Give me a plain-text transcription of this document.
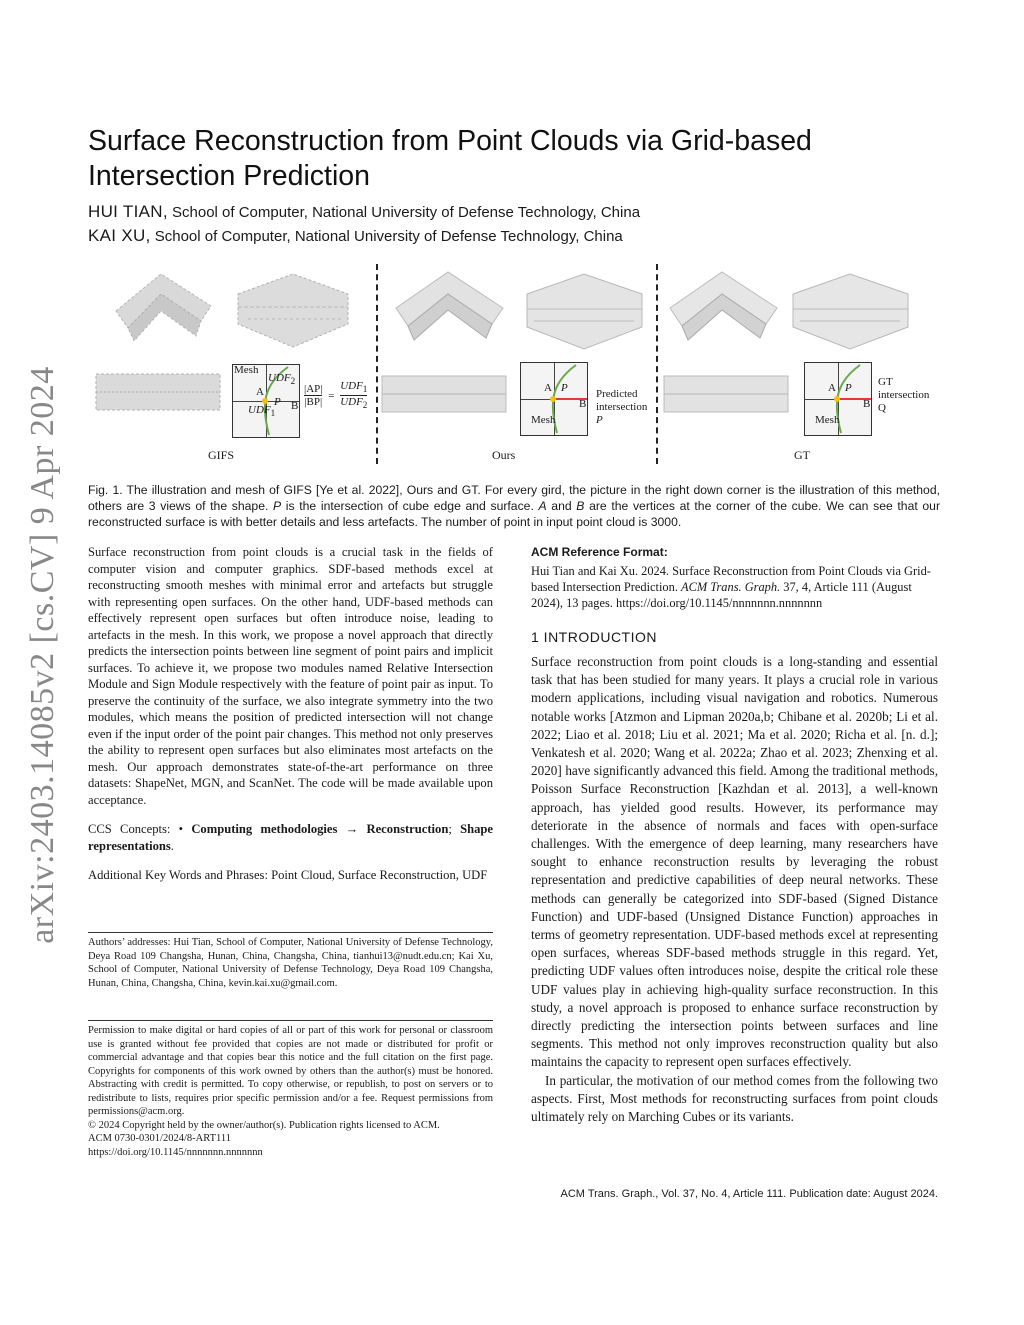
arXiv:2403.14085v2 [cs.CV] 9 Apr 2024
Surface Reconstruction from Point Clouds via Grid-based Intersection Prediction
HUI TIAN, School of Computer, National University of Defense Technology, China
KAI XU, School of Computer, National University of Defense Technology, China
Mesh
$UDF_2$
A
P B
$UDF_1$
$\frac{|AP|}{|BP|}$ =
$UDF_1$
$UDF_2$
A P
B
Mesh
Predicted
intersection
P
A P
B
Mesh
GT
intersection
Q
GIFS	Ours	GT
Fig. 1. The illustration and mesh of GIFS [Ye et al. 2022], Ours and GT. For every gird, the picture in the right down corner is the illustration of this method, others are 3 views of the shape. P is the intersection of cube edge and surface. A and B are the vertices at the corner of the cube. We can see that our reconstructed surface is with better details and less artefacts. The number of point in input point cloud is 3000.

Surface reconstruction from point clouds is a crucial task in the fields of computer vision and computer graphics. SDF-based methods excel at reconstructing smooth meshes with minimal error and artefacts but struggle with representing open surfaces. On the other hand, UDF-based methods can effectively represent open surfaces but often introduce noise, leading to artefacts in the mesh. In this work, we propose a novel approach that directly predicts the intersection points between line segment of point pairs and implicit surfaces. To achieve it, we propose two modules named Relative Intersection Module and Sign Module respectively with the feature of point pair as input. To preserve the continuity of the surface, we also integrate symmetry into the two modules, which means the position of predicted intersection will not change even if the input order of the point pair changes. This method not only preserves the ability to represent open surfaces but also eliminates most artefacts on the mesh. Our approach demonstrates state-of-the-art performance on three datasets: ShapeNet, MGN, and ScanNet. The code will be made available upon acceptance.

CCS Concepts: • Computing methodologies → Reconstruction; Shape representations.

Additional Key Words and Phrases: Point Cloud, Surface Reconstruction, UDF

Authors’ addresses: Hui Tian, School of Computer, National University of Defense Technology, Deya Road 109 Changsha, Hunan, China, Changsha, China, tianhui13@nudt.edu.cn; Kai Xu, School of Computer, National University of Defense Technology, Deya Road 109 Changsha, Hunan, China, Changsha, China, kevin.kai.xu@gmail.com.

Permission to make digital or hard copies of all or part of this work for personal or classroom use is granted without fee provided that copies are not made or distributed for profit or commercial advantage and that copies bear this notice and the full citation on the first page. Copyrights for components of this work owned by others than the author(s) must be honored. Abstracting with credit is permitted. To copy otherwise, or republish, to post on servers or to redistribute to lists, requires prior specific permission and/or a fee. Request permissions from permissions@acm.org.

© 2024 Copyright held by the owner/author(s). Publication rights licensed to ACM.

ACM 0730-0301/2024/8-ART111

https://doi.org/10.1145/nnnnnnn.nnnnnnn

ACM Reference Format:

Hui Tian and Kai Xu. 2024. Surface Reconstruction from Point Clouds via Grid-based Intersection Prediction. ACM Trans. Graph. 37, 4, Article 111 (August 2024), 13 pages. https://doi.org/10.1145/nnnnnnn.nnnnnnn

1 INTRODUCTION

Surface reconstruction from point clouds is a long-standing and essential task that has been studied for many years. It plays a crucial role in various modern applications, including visual navigation and robotics. Numerous notable works [Atzmon and Lipman 2020a,b; Chibane et al. 2020b; Li et al. 2022; Liao et al. 2018; Liu et al. 2021; Ma et al. 2020; Richa et al. [n. d.]; Venkatesh et al. 2020; Wang et al. 2022a; Zhao et al. 2023; Zhenxing et al. 2020] have significantly advanced this field. Among the traditional methods, Poisson Surface Reconstruction [Kazhdan et al. 2013], a well-known approach, has yielded good results. However, its performance may deteriorate in the absence of normals and faces with open-surface challenges. With the emergence of deep learning, many researchers have sought to enhance reconstruction results by leveraging the robust representation and predictive capabilities of deep neural networks. These methods can generally be categorized into SDF-based (Signed Distance Function) and UDF-based (Unsigned Distance Function) approaches in terms of geometry representation. UDF-based methods excel at representing open surfaces, whereas SDF-based methods struggle in this regard. Yet, predicting UDF values often introduces noise, despite the critical role these UDF values play in achieving high-quality surface reconstruction. In this study, a novel approach is proposed to enhance surface reconstruction by directly predicting the intersection points between surfaces and line segments. This method not only improves reconstruction quality but also maintains the capacity to represent open surfaces effectively.

In particular, the motivation of our method comes from the following two aspects. First, Most methods for reconstructing surfaces from point clouds ultimately rely on Marching Cubes or its variants.

ACM Trans. Graph., Vol. 37, No. 4, Article 111. Publication date: August 2024.
